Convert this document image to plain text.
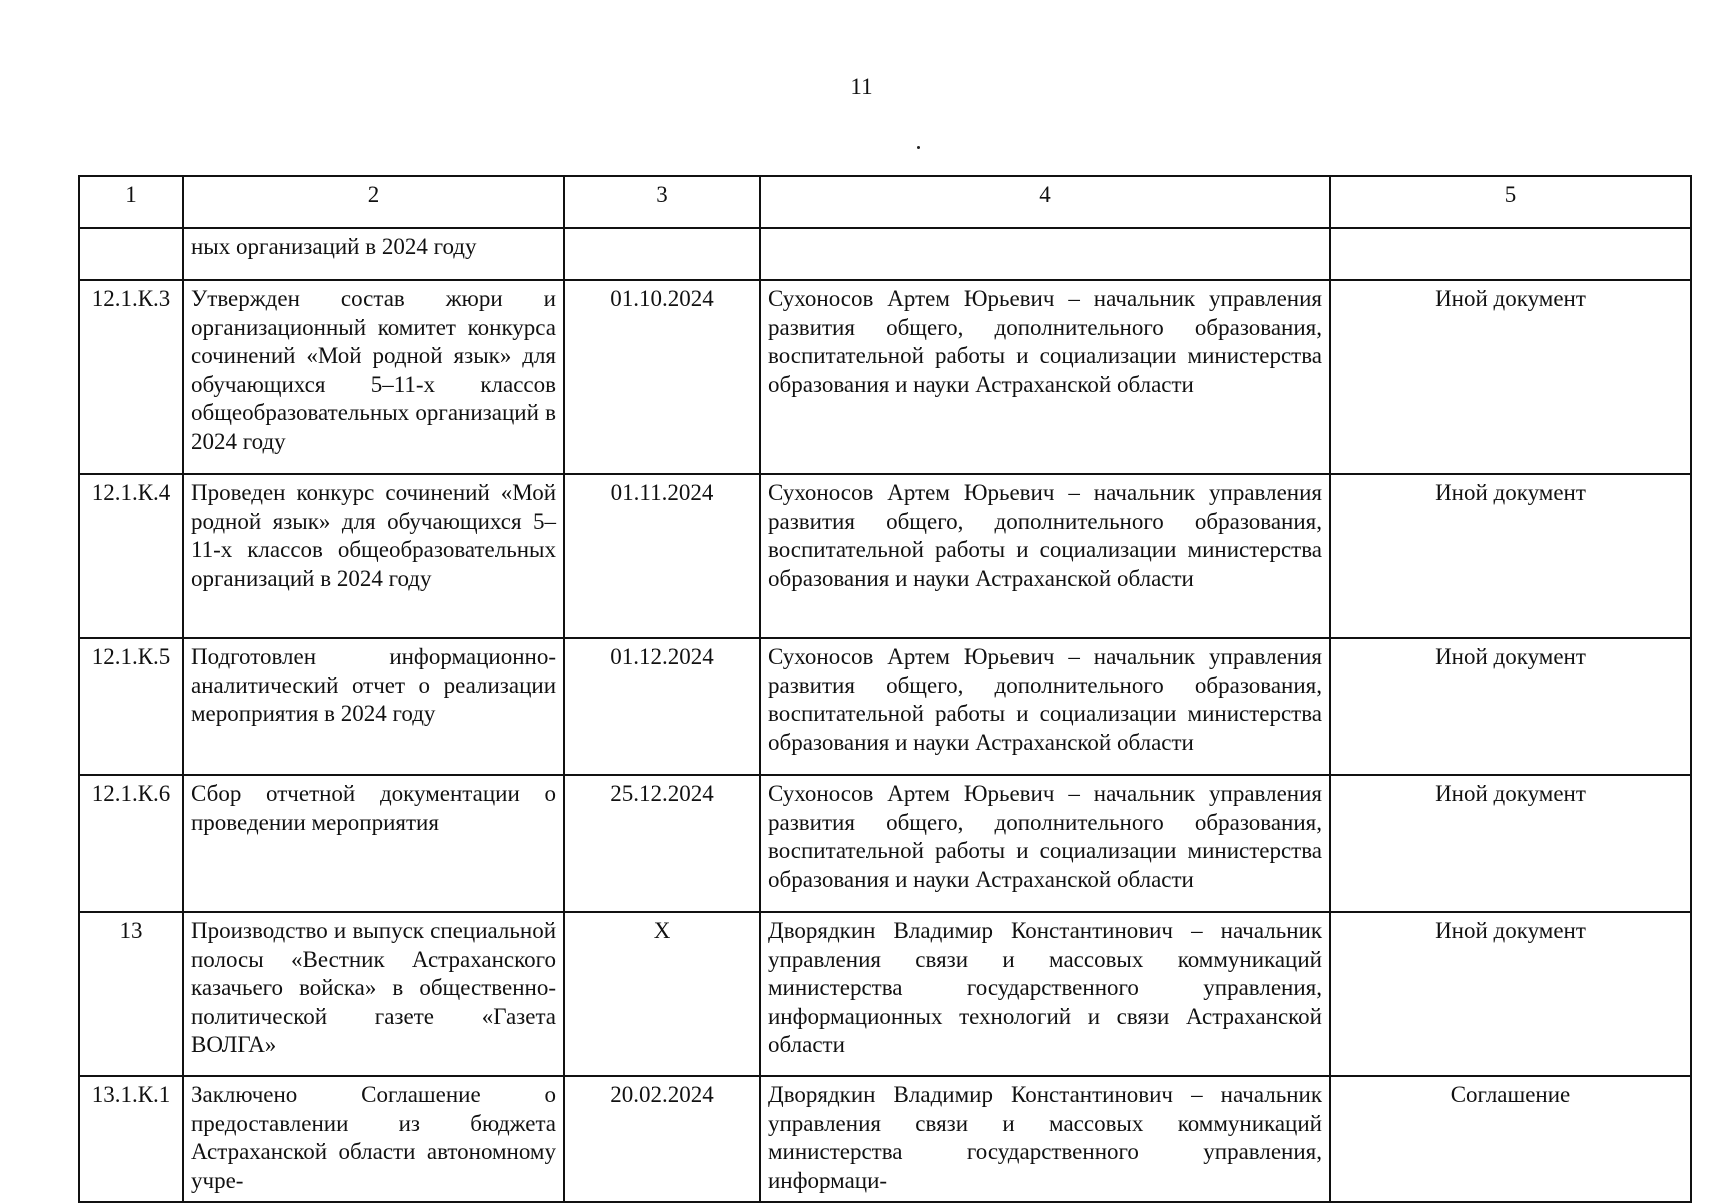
11
1	2	3	4	5
	ных организаций в 2024 году			
12.1.К.3	Утвержден состав жюри и организационный комитет конкурса сочинений «Мой родной язык» для обучающихся 5–11-х классов общеобразовательных организаций в 2024 году	01.10.2024	Сухоносов Артем Юрьевич – начальник управления развития общего, дополнительного образования, воспитательной работы и социализации министерства образования и науки Астраханской области	Иной документ
12.1.К.4	Проведен конкурс сочинений «Мой родной язык» для обучающихся 5–11-х классов общеобразовательных организаций в 2024 году	01.11.2024	Сухоносов Артем Юрьевич – начальник управления развития общего, дополнительного образования, воспитательной работы и социализации министерства образования и науки Астраханской области	Иной документ
12.1.К.5	Подготовлен информационно-аналитический отчет о реализации мероприятия в 2024 году	01.12.2024	Сухоносов Артем Юрьевич – начальник управления развития общего, дополнительного образования, воспитательной работы и социализации министерства образования и науки Астраханской области	Иной документ
12.1.К.6	Сбор отчетной документации о проведении мероприятия	25.12.2024	Сухоносов Артем Юрьевич – начальник управления развития общего, дополнительного образования, воспитательной работы и социализации министерства образования и науки Астраханской области	Иной документ
13	Производство и выпуск специальной полосы «Вестник Астраханского казачьего войска» в общественно-политической газете «Газета ВОЛГА»	Х	Дворядкин Владимир Константинович – начальник управления связи и массовых коммуникаций министерства государственного управления, информационных технологий и связи Астраханской области	Иной документ
13.1.К.1	Заключено Соглашение о предоставлении из бюджета Астраханской области автономному учре-	20.02.2024	Дворядкин Владимир Константинович – начальник управления связи и массовых коммуникаций министерства государственного управления, информаци-	Соглашение
